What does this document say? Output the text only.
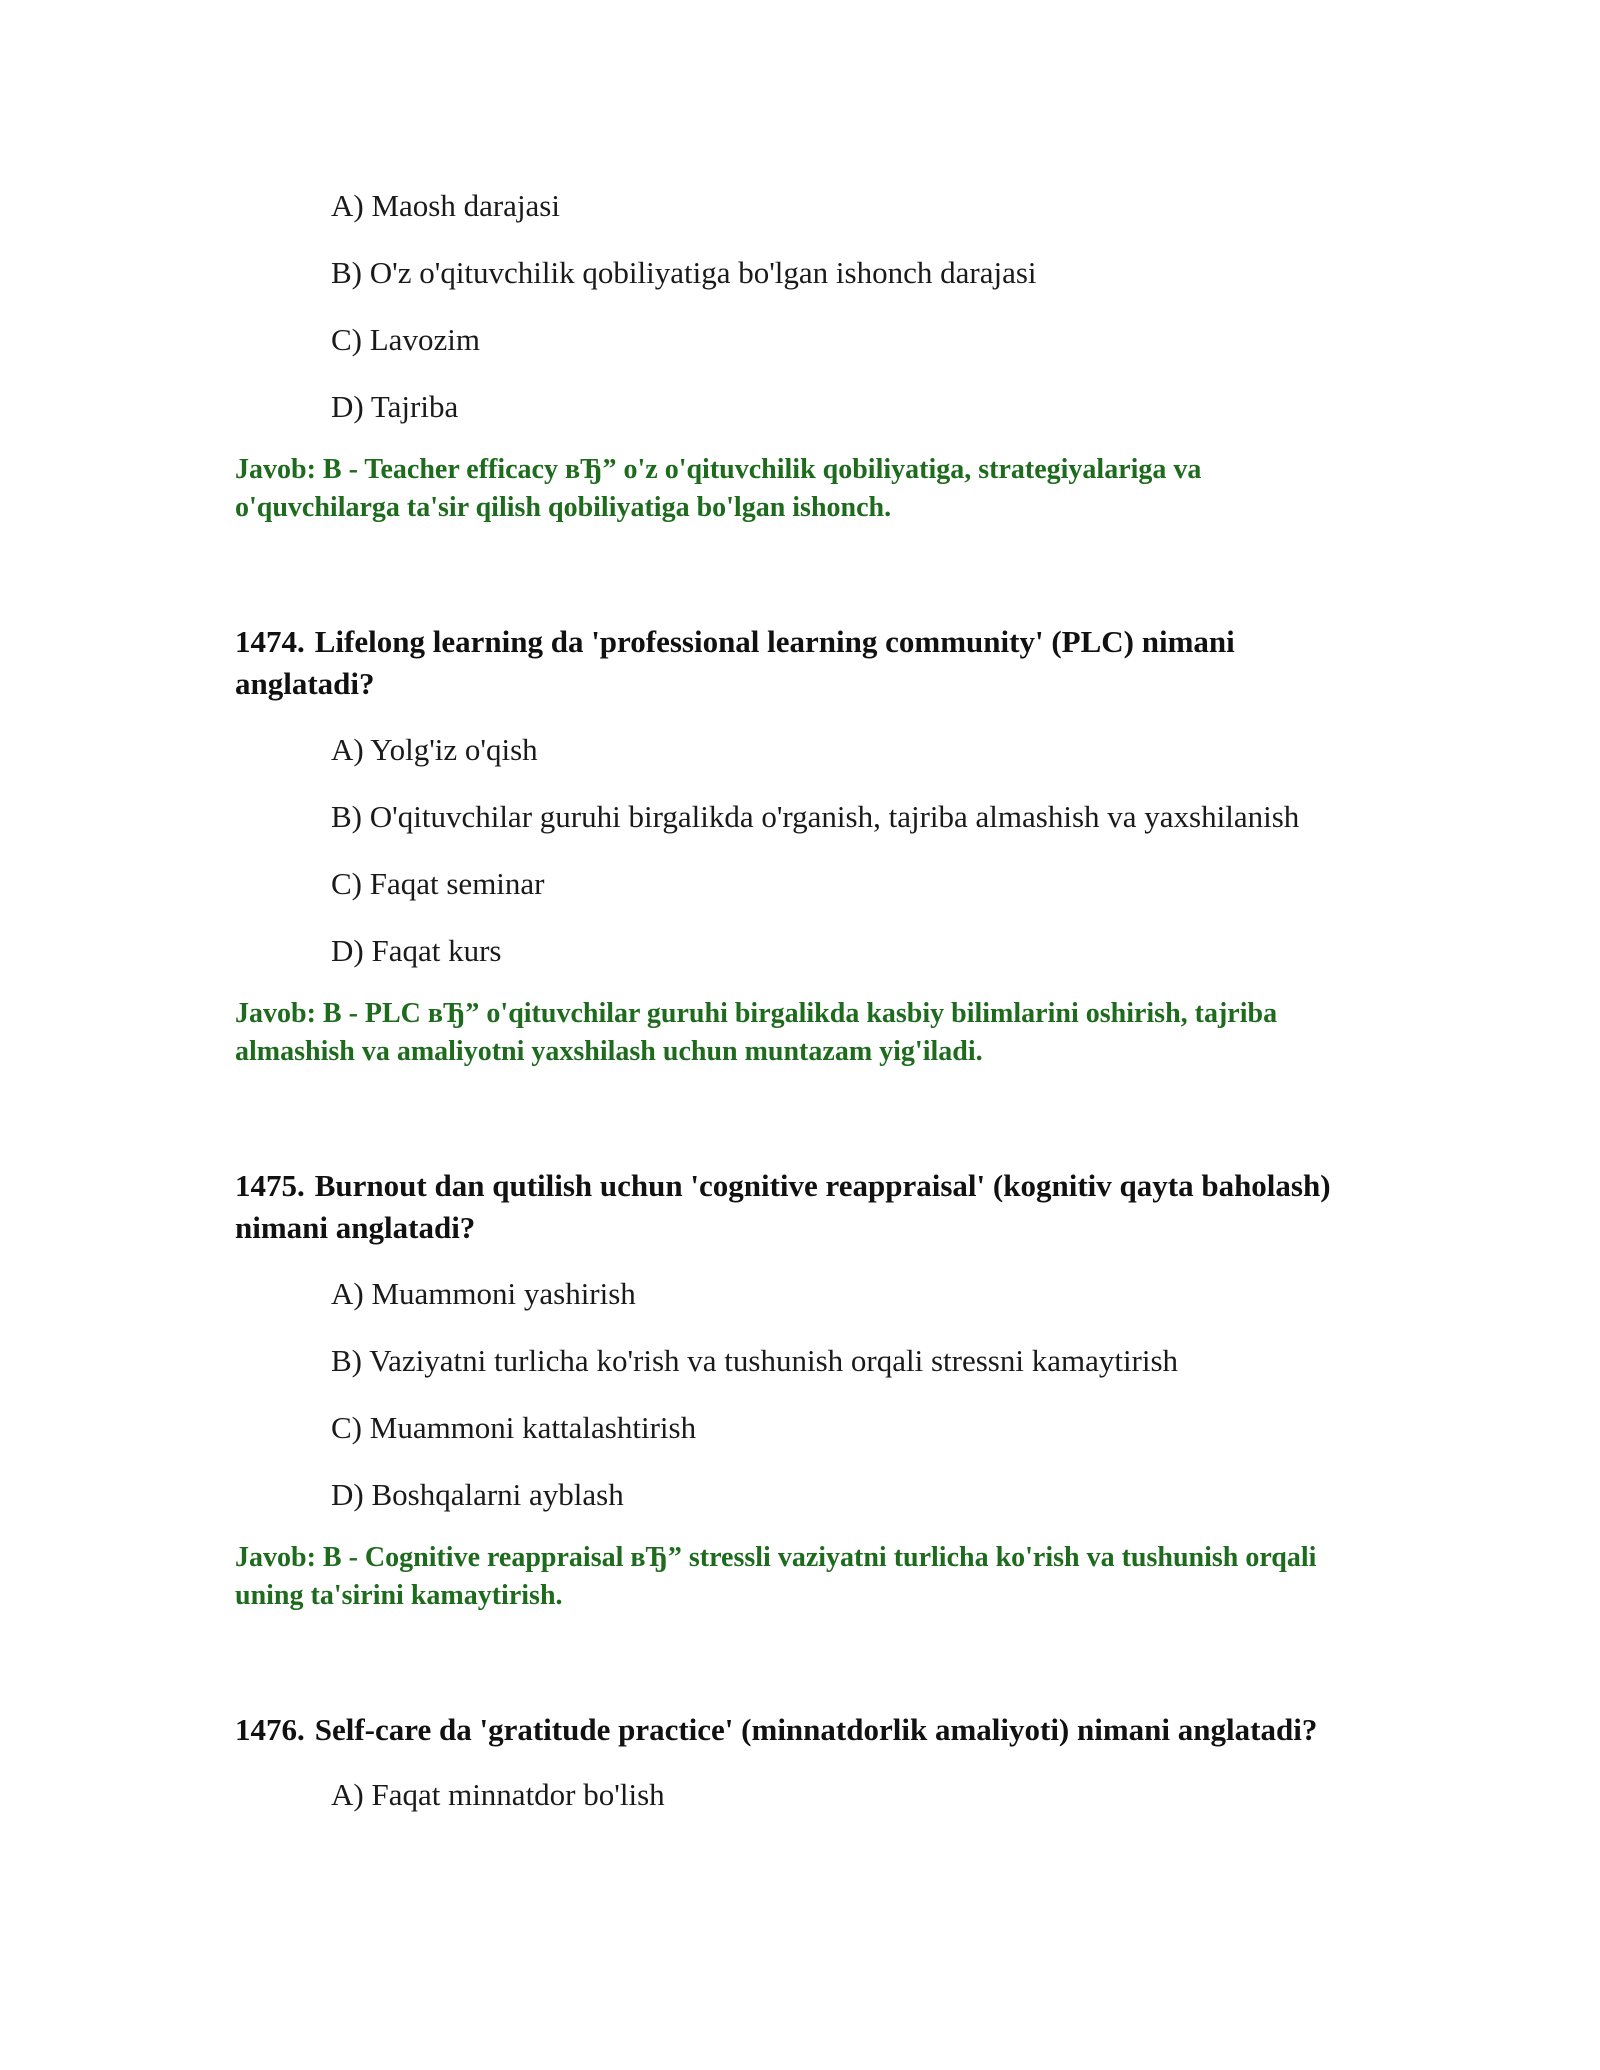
A) Maosh darajasi
B) O'z o'qituvchilik qobiliyatiga bo'lgan ishonch darajasi
C) Lavozim
D) Tajriba
Javob: B - Teacher efficacy вЂ” o'z o'qituvchilik qobiliyatiga, strategiyalariga va o'quvchilarga ta'sir qilish qobiliyatiga bo'lgan ishonch.
1474. Lifelong learning da 'professional learning community' (PLC) nimani anglatadi?
A) Yolg'iz o'qish
B) O'qituvchilar guruhi birgalikda o'rganish, tajriba almashish va yaxshilanish
C) Faqat seminar
D) Faqat kurs
Javob: B - PLC вЂ” o'qituvchilar guruhi birgalikda kasbiy bilimlarini oshirish, tajriba almashish va amaliyotni yaxshilash uchun muntazam yig'iladi.
1475. Burnout dan qutilish uchun 'cognitive reappraisal' (kognitiv qayta baholash) nimani anglatadi?
A) Muammoni yashirish
B) Vaziyatni turlicha ko'rish va tushunish orqali stressni kamaytirish
C) Muammoni kattalashtirish
D) Boshqalarni ayblash
Javob: B - Cognitive reappraisal вЂ” stressli vaziyatni turlicha ko'rish va tushunish orqali uning ta'sirini kamaytirish.
1476. Self-care da 'gratitude practice' (minnatdorlik amaliyoti) nimani anglatadi?
A) Faqat minnatdor bo'lish
